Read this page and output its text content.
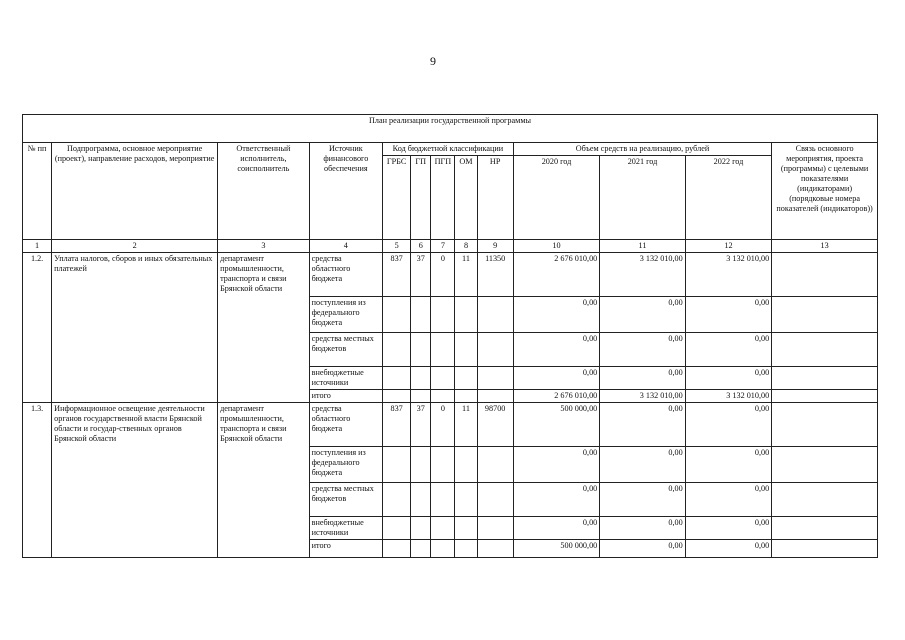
9
План реализации государственной программы												
№ пп	Подпрограмма, основное мероприятие (проект), направление расходов, мероприятие	Ответственный исполнитель, соисполнитель	Источник финансового обеспечения	Код бюджетной классификации					Объем средств на реализацию, рублей			Связь основного мероприятия, проекта (программы) с целевыми показателями (индикаторами) (порядковые номера показателей (индикаторов))
				ГРБС	ГП	ПГП	ОМ	НР	2020 год	2021 год	2022 год	
1	2	3	4	5	6	7	8	9	10	11	12	13
1.2.	Уплата налогов, сборов и иных обязательных платежей	департамент промышленности, транспорта и связи Брянской области	средства областного бюджета	837	37	0	11	11350	2 676 010,00	3 132 010,00	3 132 010,00	
			поступления из федерального бюджета						0,00	0,00	0,00	
			средства местных бюджетов						0,00	0,00	0,00	
			внебюджетные источники						0,00	0,00	0,00	
			итого						2 676 010,00	3 132 010,00	3 132 010,00	
1.3.	Информационное освещение деятельности органов государственной власти Брянской области и государ-ственных органов Брянской области	департамент промышленности, транспорта и связи Брянской области	средства областного бюджета	837	37	0	11	98700	500 000,00	0,00	0,00	
			поступления из федерального бюджета						0,00	0,00	0,00	
			средства местных бюджетов						0,00	0,00	0,00	
			внебюджетные источники						0,00	0,00	0,00	
			итого						500 000,00	0,00	0,00	
